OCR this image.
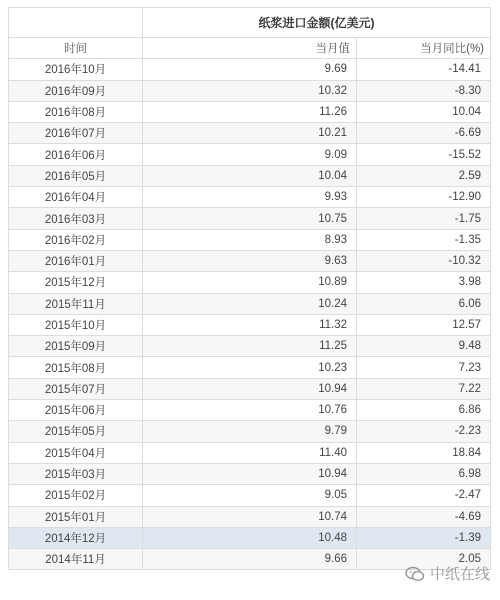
	纸浆进口金额(亿美元)	
时间	当月值	当月同比(%)
2016年10月	9.69	-14.41
2016年09月	10.32	-8.30
2016年08月	11.26	10.04
2016年07月	10.21	-6.69
2016年06月	9.09	-15.52
2016年05月	10.04	2.59
2016年04月	9.93	-12.90
2016年03月	10.75	-1.75
2016年02月	8.93	-1.35
2016年01月	9.63	-10.32
2015年12月	10.89	3.98
2015年11月	10.24	6.06
2015年10月	11.32	12.57
2015年09月	11.25	9.48
2015年08月	10.23	7.23
2015年07月	10.94	7.22
2015年06月	10.76	6.86
2015年05月	9.79	-2.23
2015年04月	11.40	18.84
2015年03月	10.94	6.98
2015年02月	9.05	-2.47
2015年01月	10.74	-4.69
2014年12月	10.48	-1.39
2014年11月	9.66	2.05
中纸在线
